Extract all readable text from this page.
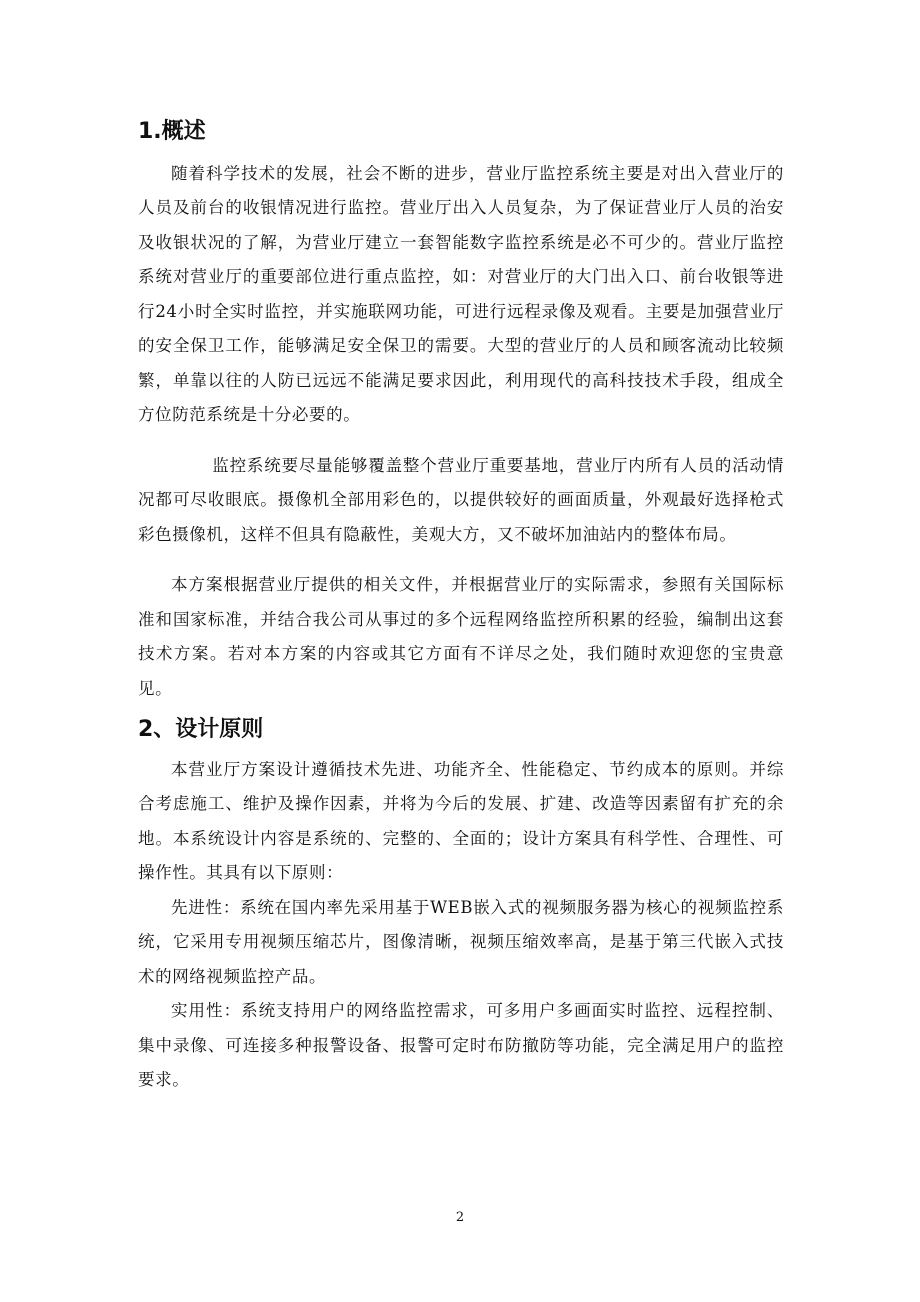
1.概述

随着科学技术的发展，社会不断的进步，营业厅监控系统主要是对出入营业厅的人员及前台的收银情况进行监控。营业厅出入人员复杂，为了保证营业厅人员的治安及收银状况的了解，为营业厅建立一套智能数字监控系统是必不可少的。营业厅监控系统对营业厅的重要部位进行重点监控，如：对营业厅的大门出入口、前台收银等进行24小时全实时监控，并实施联网功能，可进行远程录像及观看。主要是加强营业厅的安全保卫工作，能够满足安全保卫的需要。大型的营业厅的人员和顾客流动比较频繁，单靠以往的人防已远远不能满足要求因此，利用现代的高科技技术手段，组成全方位防范系统是十分必要的。

监控系统要尽量能够覆盖整个营业厅重要基地，营业厅内所有人员的活动情况都可尽收眼底。摄像机全部用彩色的，以提供较好的画面质量，外观最好选择枪式彩色摄像机，这样不但具有隐蔽性，美观大方，又不破坏加油站内的整体布局。

本方案根据营业厅提供的相关文件，并根据营业厅的实际需求，参照有关国际标准和国家标准，并结合我公司从事过的多个远程网络监控所积累的经验，编制出这套技术方案。若对本方案的内容或其它方面有不详尽之处，我们随时欢迎您的宝贵意见。

2、设计原则

本营业厅方案设计遵循技术先进、功能齐全、性能稳定、节约成本的原则。并综合考虑施工、维护及操作因素，并将为今后的发展、扩建、改造等因素留有扩充的余地。本系统设计内容是系统的、完整的、全面的；设计方案具有科学性、合理性、可操作性。其具有以下原则：

先进性：系统在国内率先采用基于WEB嵌入式的视频服务器为核心的视频监控系统，它采用专用视频压缩芯片，图像清晰，视频压缩效率高，是基于第三代嵌入式技术的网络视频监控产品。

实用性：系统支持用户的网络监控需求，可多用户多画面实时监控、远程控制、集中录像、可连接多种报警设备、报警可定时布防撤防等功能，完全满足用户的监控要求。

2
